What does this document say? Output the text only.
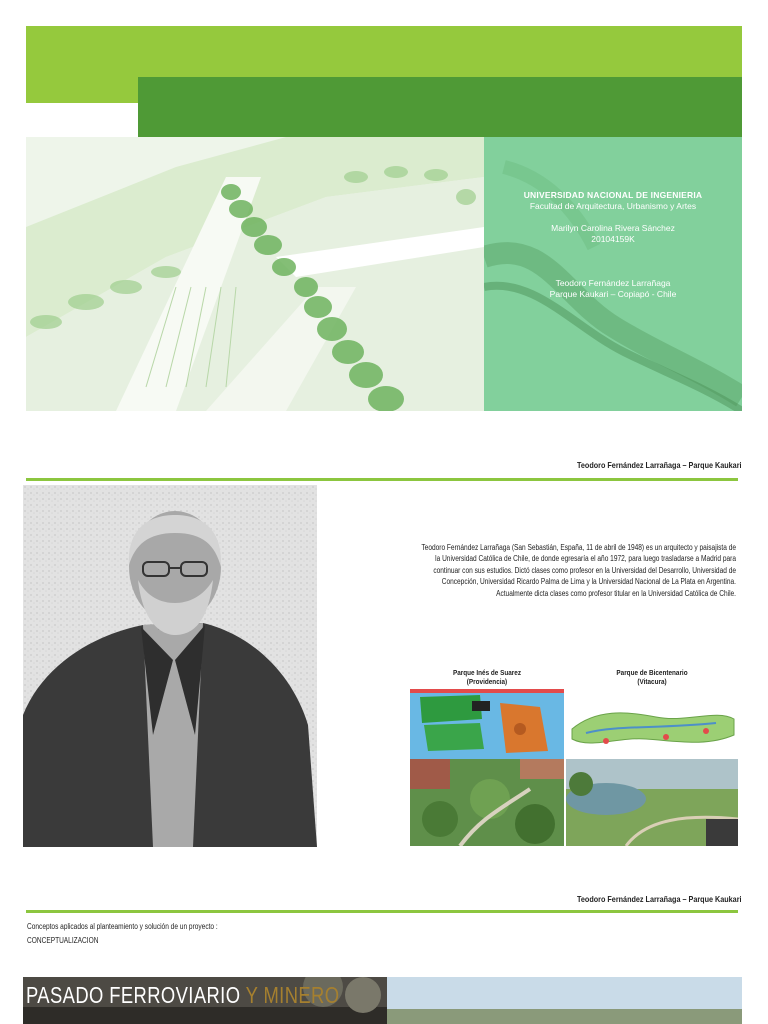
UNIVERSIDAD NACIONAL DE INGENIERIA
Facultad de Arquitectura, Urbanismo y Artes
Marilyn Carolina Rivera Sánchez
20104159K
Teodoro Fernández Larrañaga
Parque Kaukari – Copiapó - Chile
Teodoro Fernández Larrañaga – Parque Kaukari
Teodoro Fernández Larrañaga (San Sebastián, España, 11 de abril de 1948) es un arquitecto y paisajista de la Universidad Católica de Chile, de donde egresaría el año 1972, para luego trasladarse a Madrid para continuar con sus estudios. Dictó clases como profesor en la Universidad del Desarrollo, Universidad de Concepción, Universidad Ricardo Palma de Lima y la Universidad Nacional de La Plata en Argentina. Actualmente dicta clases como profesor titular en la Universidad Católica de Chile.
Parque Inés de Suarez
(Providencia)
Parque de Bicentenario
(Vitacura)
Teodoro Fernández Larrañaga – Parque Kaukari
Conceptos aplicados al planteamiento y solución de un proyecto :
CONCEPTUALIZACION
PASADO FERROVIARIO Y MINERO
